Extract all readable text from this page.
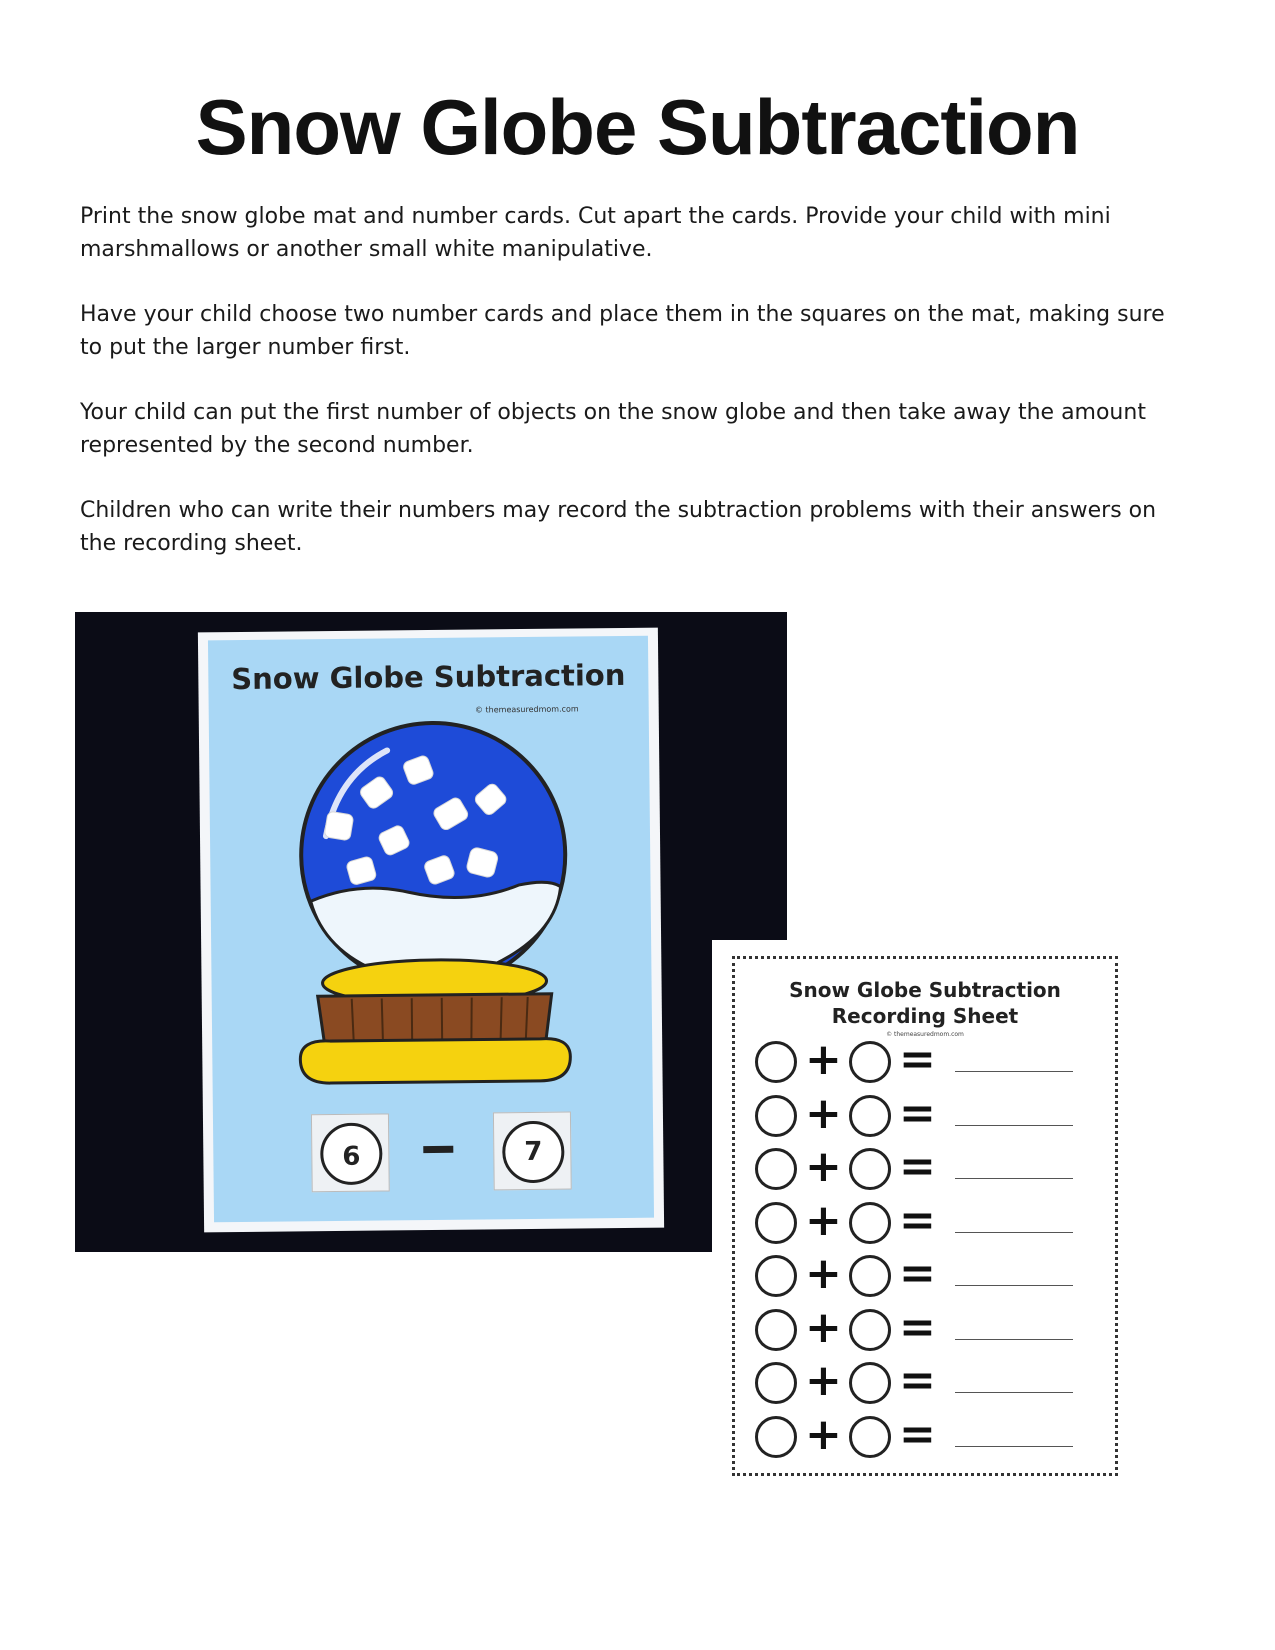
Snow Globe Subtraction

Print the snow globe mat and number cards. Cut apart the cards. Provide your child with mini marshmallows or another small white manipulative.

Have your child choose two number cards and place them in the squares on the mat, making sure to put the larger number first.

Your child can put the first number of objects on the snow globe and then take away the amount represented by the second number.

Children who can write their numbers may record the subtraction problems with their answers on the recording sheet.

Snow Globe Subtraction
© themeasuredmom.com
9	7
Snow Globe Subtraction
Recording Sheet
© themeasuredmom.com
+ =
+ =
+ =
+ =
+ =
+ =
+ =
+ =
